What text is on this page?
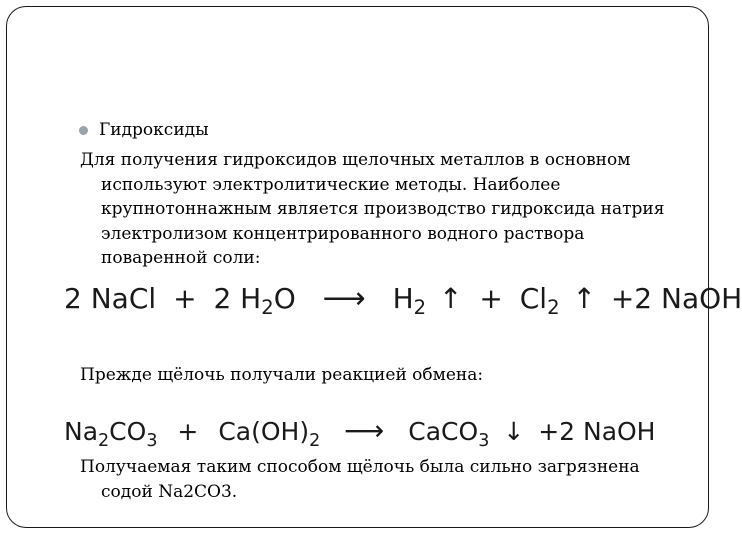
Гидроксиды
Для получения гидроксидов щелочных металлов в основном
используют электролитические методы. Наиболее
крупнотоннажным является производство гидроксида натрия
электролизом концентрированного водного раствора
поваренной соли:
2 NaCl + 2 $H_2O$ ⟶ $H_2$ ↑ + $Cl_2$ ↑ +2 NaOH
Прежде щёлочь получали реакцией обмена:
$Na_2CO_3 + Ca(OH)_2$ ⟶ CaCO$_3$ ↓ +2 NaOH
Получаемая таким способом щёлочь была сильно загрязнена
содой Na2CO3.
